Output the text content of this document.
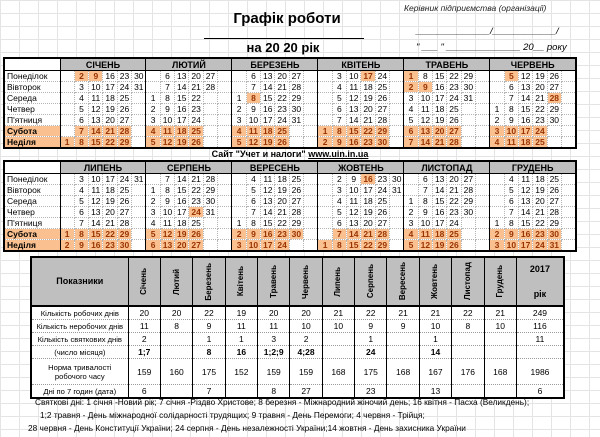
Керівник підприємства (організації)
Графік роботи
на 20 20 рік
______________/____________/
" ___ " ______________ 20__ року
	СІЧЕНЬ						ЛЮТИЙ						БЕРЕЗЕНЬ						КВІТЕНЬ						ТРАВЕНЬ						ЧЕРВЕНЬ					
Понеділок		2	9	16	23	30		6	13	20	27			6	13	20	27			3	10	17	24		1	8	15	22	29			5	12	19	26	
Вівторок		3	10	17	24	31		7	14	21	28			7	14	21	28			4	11	18	25		2	9	16	23	30			6	13	20	27	
Середа		4	11	18	25		1	8	15	22			1	8	15	22	29			5	12	19	26		3	10	17	24	31			7	14	21	28	
Четвер		5	12	19	26		2	9	16	23			2	9	16	23	30			6	13	20	27		4	11	18	25			1	8	15	22	29	
П'ятниця		6	13	20	27		3	10	17	24			3	10	17	24	31			7	14	21	28		5	12	19	26			2	9	16	23	30	
Субота		7	14	21	28		4	11	18	25			4	11	18	25			1	8	15	22	29		6	13	20	27			3	10	17	24		
Неділя	1	8	15	22	29		5	12	19	26			5	12	19	26			2	9	16	23	30		7	14	21	28			4	11	18	25		
Сайт "Учет и налоги" www.uin.in.ua
	ЛИПЕНЬ						СЕРПЕНЬ						ВЕРЕСЕНЬ						ЖОВТЕНЬ						ЛИСТОПАД						ГРУДЕНЬ					
Понеділок		3	10	17	24	31		7	14	21	28			4	11	18	25			2	9	16	23	30		6	13	20	27			4	11	18	25	
Вівторок		4	11	18	25		1	8	15	22	29			5	12	19	26			3	10	17	24	31		7	14	21	28			5	12	19	26	
Середа		5	12	19	26		2	9	16	23	30			6	13	20	27			4	11	18	25		1	8	15	22	29			6	13	20	27	
Четвер		6	13	20	27		3	10	17	24	31			7	14	21	28			5	12	19	26		2	9	16	23	30			7	14	21	28	
П'ятниця		7	14	21	28		4	11	18	25			1	8	15	22	29			6	13	20	27		3	10	17	24			1	8	15	22	29	
Субота	1	8	15	22	29		5	12	19	26			2	9	16	23	30			7	14	21	28		4	11	18	25			2	9	16	23	30	
Неділя	2	9	16	23	30		6	13	20	27			3	10	17	24			1	8	15	22	29		5	12	19	26			3	10	17	24	31	
Показники	Січень	Лютий	Березень	Квітень	Травень	Червень	Липень	Серпень	Вересень	Жовтень	Листопад	Грудень	2017
рік

Кількість робочих днів	20	20	22	19	20	20	21	22	21	21	22	21	249
Кількість неробочих днів	11	8	9	11	11	10	10	9	9	10	8	10	116
Кількість святкових днів	2		1	1	3	2		1		1			11
(число місяця)	1;7		8	16	1;2;9	4;28		24		14			
Норма тривалості робочого часу	159	160	175	152	159	159	168	175	168	167	176	168	1986
Дні по 7 годин (дата)	6		7		8	27		23		13			6
Святкові дні: 1 січня -Новий рік; 7 січня -Різдво Христове; 8 березня - Міжнародний жіночий день; 16 квітня - Пасха (Великдень);
1;2 травня - День міжнародної солідарності трудящих; 9 травня - День Перемоги; 4 червня - Трійця;
28 червня - День Конституції України; 24 серпня - День незалежності України;14 жовтня - День захисника України
